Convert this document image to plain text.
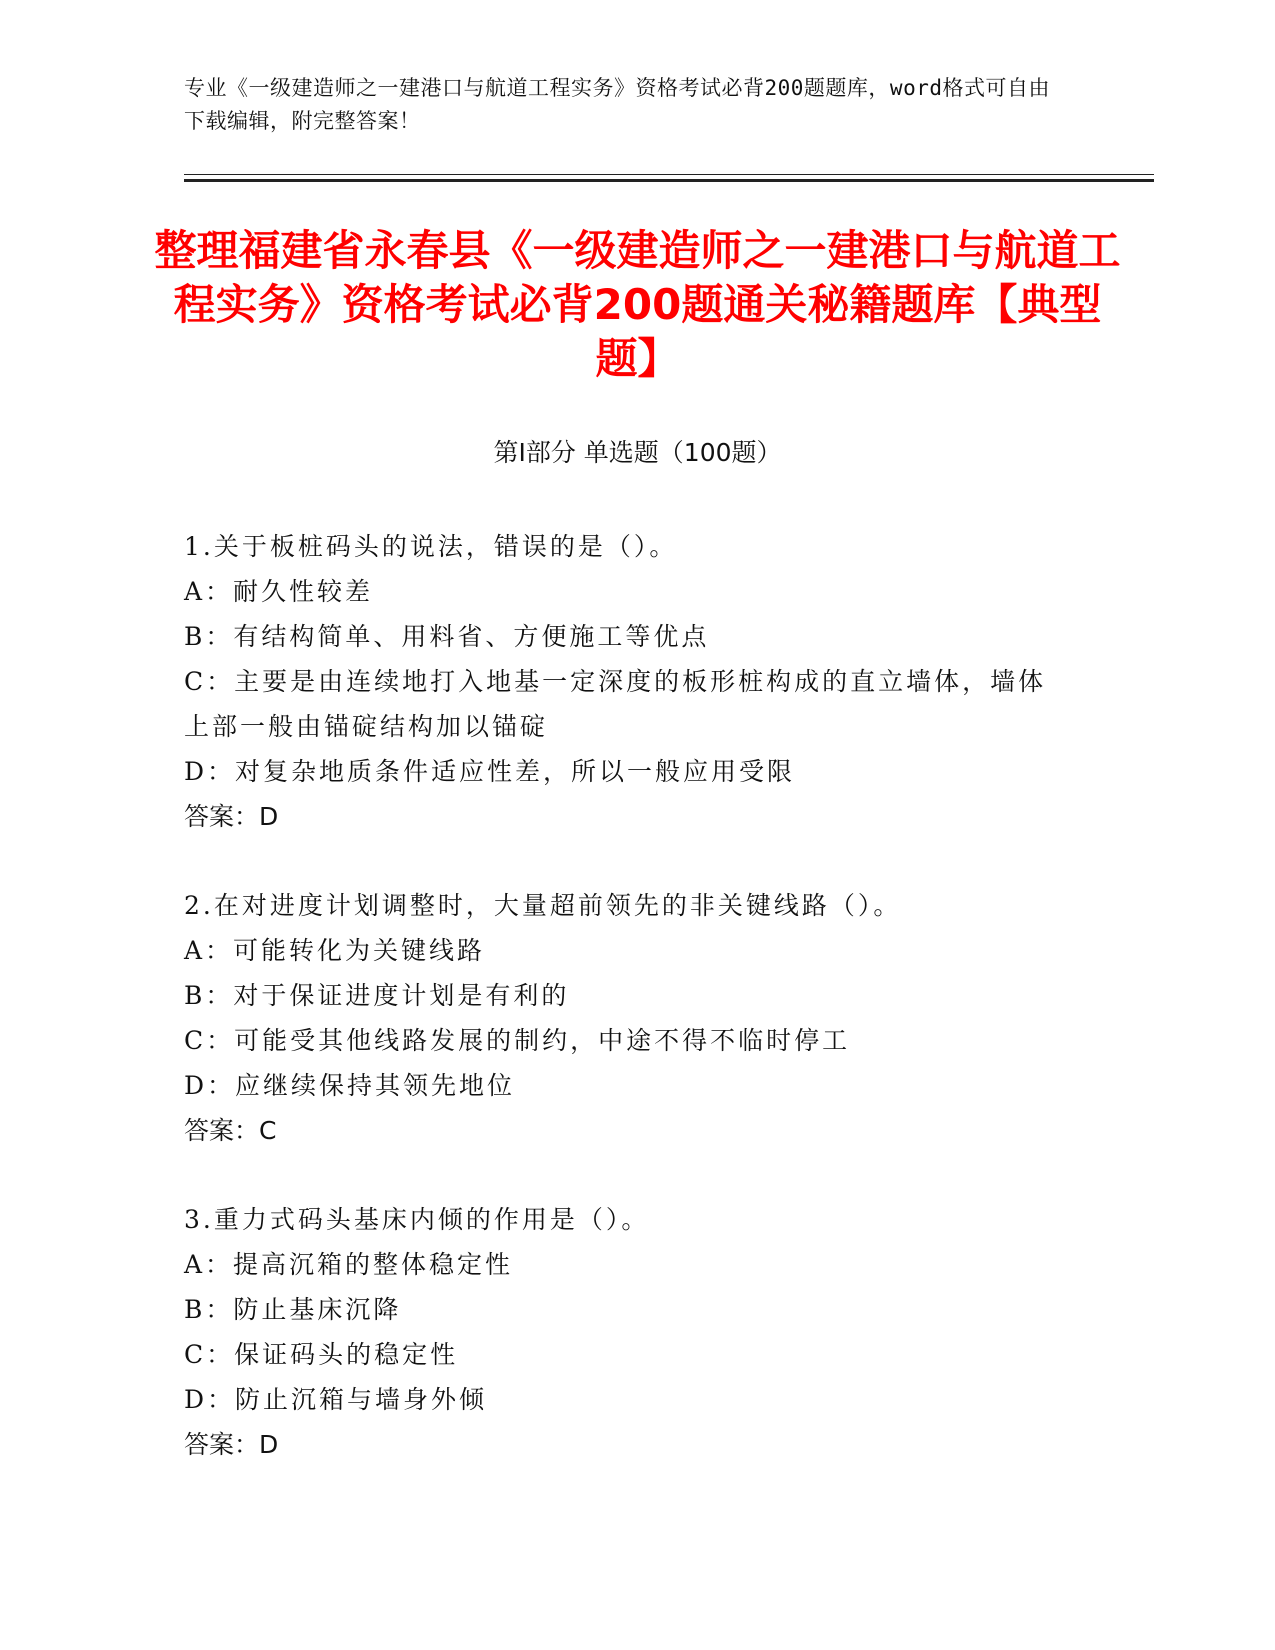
专业《一级建造师之一建港口与航道工程实务》资格考试必背200题题库，word格式可自由下载编辑，附完整答案！
整理福建省永春县《一级建造师之一建港口与航道工程实务》资格考试必背200题通关秘籍题库【典型题】
第Ⅰ部分 单选题（100题）
1.关于板桩码头的说法，错误的是（）。
A：耐久性较差
B：有结构简单、用料省、方便施工等优点
C：主要是由连续地打入地基一定深度的板形桩构成的直立墙体，墙体上部一般由锚碇结构加以锚碇
D：对复杂地质条件适应性差，所以一般应用受限
答案：D
2.在对进度计划调整时，大量超前领先的非关键线路（）。
A：可能转化为关键线路
B：对于保证进度计划是有利的
C：可能受其他线路发展的制约，中途不得不临时停工
D：应继续保持其领先地位
答案：C
3.重力式码头基床内倾的作用是（）。
A：提高沉箱的整体稳定性
B：防止基床沉降
C：保证码头的稳定性
D：防止沉箱与墙身外倾
答案：D
